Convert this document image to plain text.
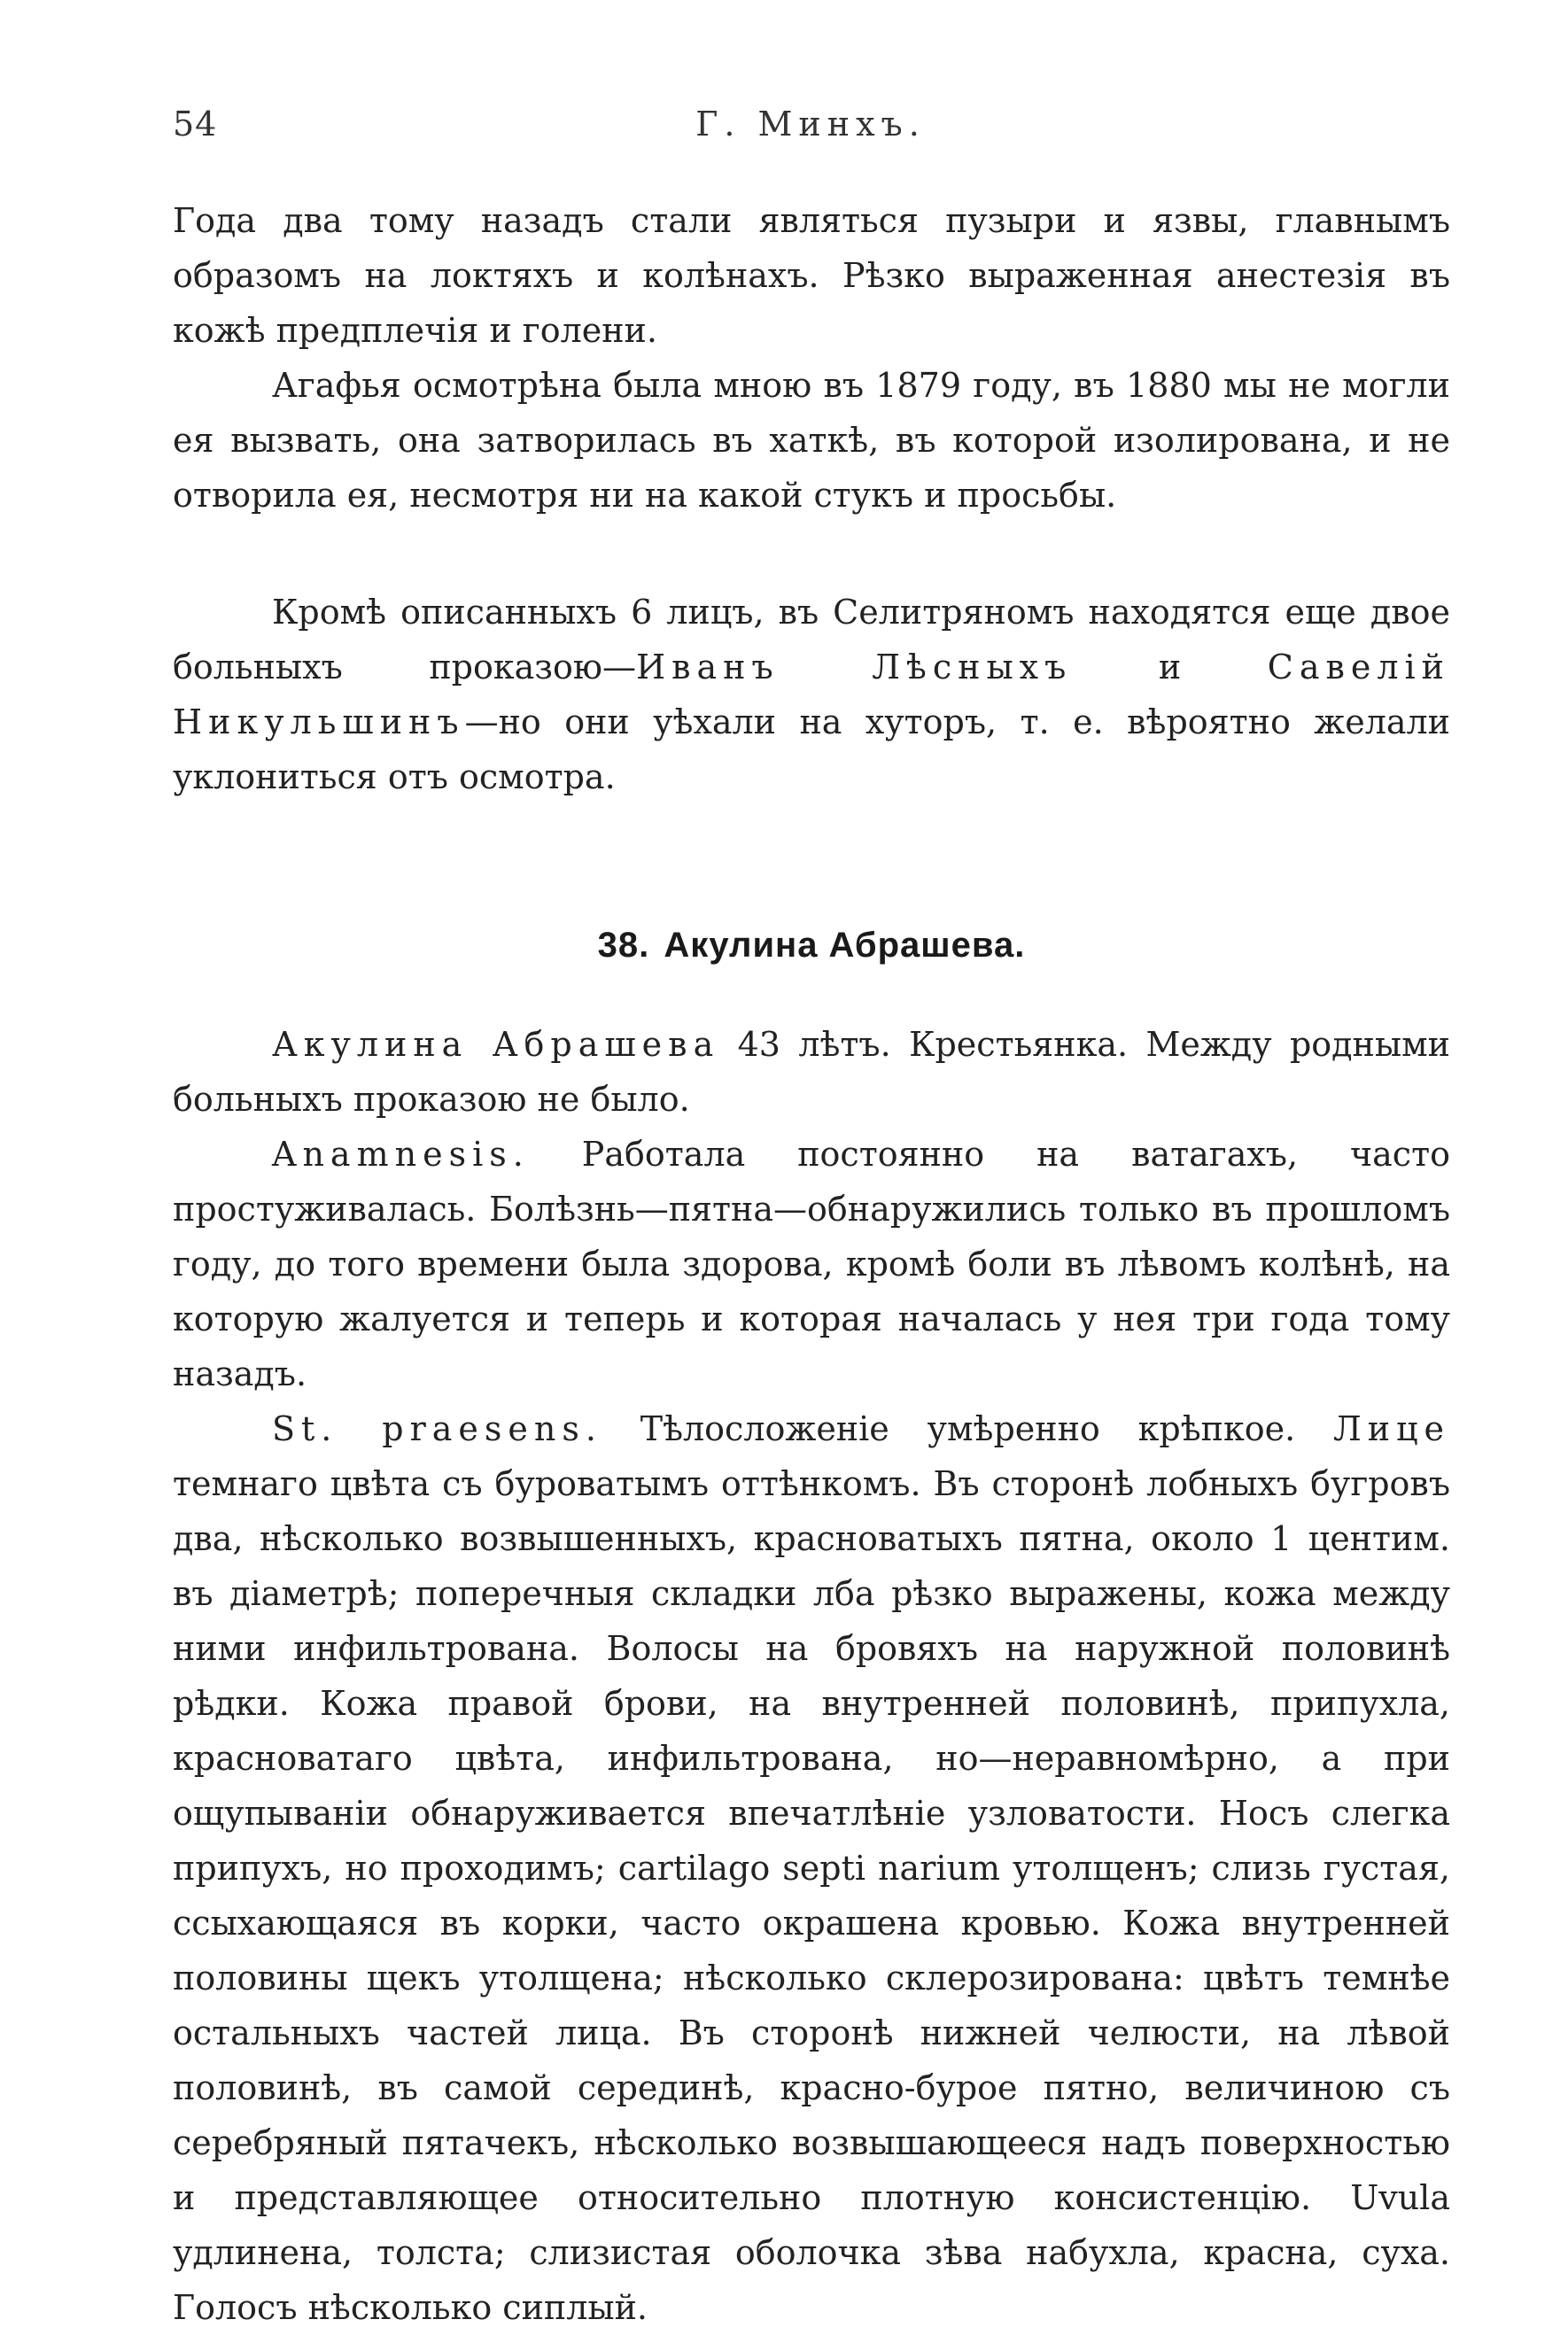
54	Г. Минхъ.

Года два тому назадъ стали являться пузыри и язвы, главнымъ образомъ на локтяхъ и колѣнахъ. Рѣзко выраженная анестезія въ кожѣ предплечія и голени.

Агафья осмотрѣна была мною въ 1879 году, въ 1880 мы не могли ея вызвать, она затворилась въ хаткѣ, въ которой изолирована, и не отворила ея, несмотря ни на какой стукъ и просьбы.

Кромѣ описанныхъ 6 лицъ, въ Селитряномъ находятся еще двое больныхъ проказою—Иванъ Лѣсныхъ и Савелій Никульшинъ—но они уѣхали на хуторъ, т. е. вѣроятно желали уклониться отъ осмотра.

38. Акулина Абрашева.

Акулина Абрашева 43 лѣтъ. Крестьянка. Между родными больныхъ проказою не было.

Anamnesis. Работала постоянно на ватагахъ, часто простуживалась. Болѣзнь—пятна—обнаружились только въ прошломъ году, до того времени была здорова, кромѣ боли въ лѣвомъ колѣнѣ, на которую жалуется и теперь и которая началась у нея три года тому назадъ.

St. praesens. Тѣлосложеніе умѣренно крѣпкое. Лице темнаго цвѣта съ буроватымъ оттѣнкомъ. Въ сторонѣ лобныхъ бугровъ два, нѣсколько возвышенныхъ, красноватыхъ пятна, около 1 центим. въ діаметрѣ; поперечныя складки лба рѣзко выражены, кожа между ними инфильтрована. Волосы на бровяхъ на наружной половинѣ рѣдки. Кожа правой брови, на внутренней половинѣ, припухла, красноватаго цвѣта, инфильтрована, но—неравномѣрно, а при ощупываніи обнаруживается впечатлѣніе узловатости. Носъ слегка припухъ, но проходимъ; cartilago septi narium утолщенъ; слизь густая, ссыхающаяся въ корки, часто окрашена кровью. Кожа внутренней половины щекъ утолщена; нѣсколько склерозирована: цвѣтъ темнѣе остальныхъ частей лица. Въ сторонѣ нижней челюсти, на лѣвой половинѣ, въ самой серединѣ, красно-бурое пятно, величиною съ серебряный пятачекъ, нѣсколько возвышающееся надъ поверхностью и представляющее относительно плотную консистенцію. Uvula удлинена, толста; слизистая оболочка зѣва набухла, красна, суха. Голосъ нѣсколько сиплый.
